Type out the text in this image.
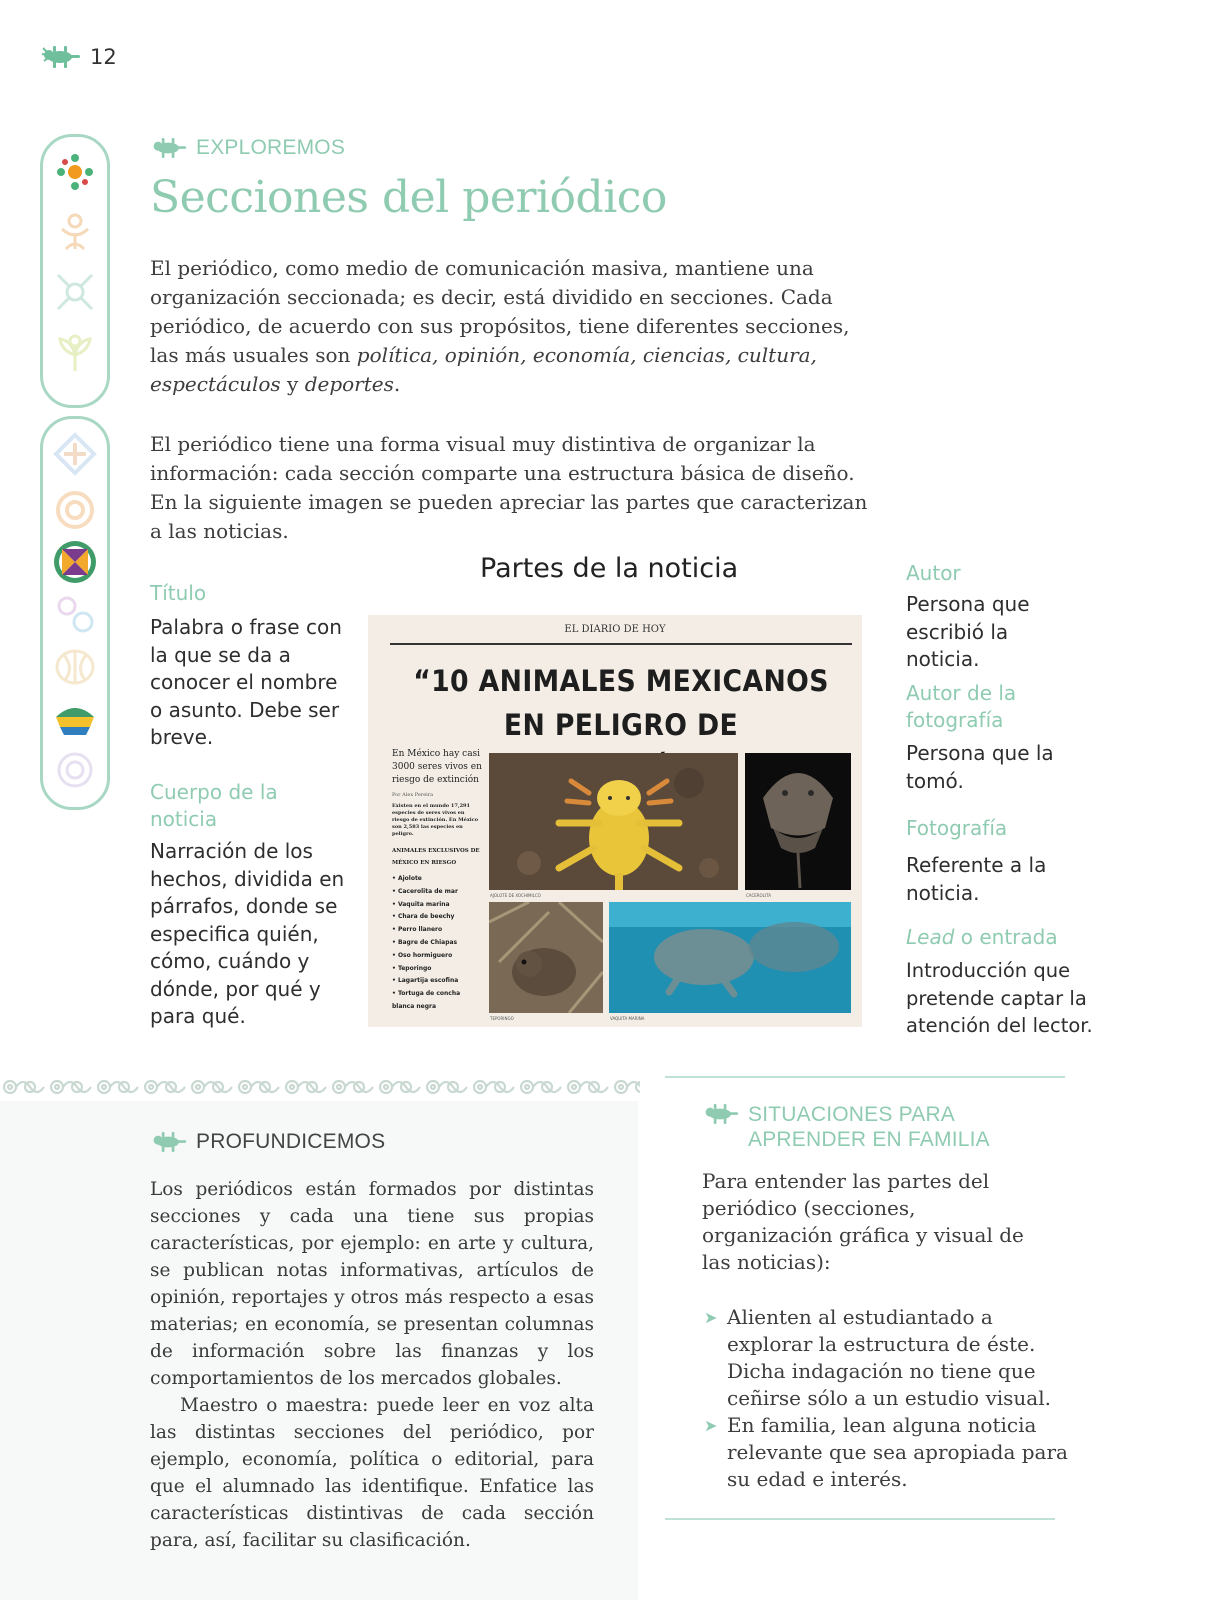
12
EXPLOREMOS
Secciones del periódico

El periódico, como medio de comunicación masiva, mantiene una organización seccionada; es decir, está dividido en secciones. Cada periódico, de acuerdo con sus propósitos, tiene diferentes secciones, las más usuales son política, opinión, economía, ciencias, cultura, espectáculos y deportes.

El periódico tiene una forma visual muy distintiva de organizar la información: cada sección comparte una estructura básica de diseño. En la siguiente imagen se pueden apreciar las partes que caracterizan a las noticias.

Partes de la noticia
Título
Palabra o frase con la que se da a conocer el nombre o asunto. Debe ser breve.
Cuerpo de la noticia
Narración de los hechos, dividida en párrafos, donde se especifica quién, cómo, cuándo y dónde, por qué y para qué.
Autor
Persona que escribió la noticia.
Autor de la fotografía
Persona que la tomó.
Fotografía
Referente a la noticia.
Lead o entrada
Introducción que pretende captar la atención del lector.
EL DIARIO DE HOY
“10 ANIMALES MEXICANOS EN PELIGRO DE
En México hay casi 3000 seres vivos en riesgo de extinción
Por Alex Pereira
Existen en el mundo 17,291 especies de seres vivos en riesgo de extinción. En México son 2,583 las especies en peligro.
ANIMALES EXCLUSIVOS DE MÉXICO EN RIESGO
• Ajolote
• Cacerolita de mar
• Vaquita marina
• Chara de beechy
• Perro llanero
• Bagre de Chiapas
• Oso hormiguero
• Teporingo
• Lagartija escofina
• Tortuga de concha blanca negra
AJOLOTE DE XOCHIMILCO	CACEROLITA
TEPORINGO	VAQUITA MARINA
PROFUNDICEMOS

Los periódicos están formados por distintas secciones y cada una tiene sus propias características, por ejemplo: en arte y cultura, se publican notas informativas, artículos de opinión, reportajes y otros más respecto a esas materias; en economía, se presentan columnas de información sobre las finanzas y los comportamientos de los mercados globales.

Maestro o maestra: puede leer en voz alta las distintas secciones del periódico, por ejemplo, economía, política o editorial, para que el alumnado las identifique. Enfatice las características distintivas de cada sección para, así, facilitar su clasificación.

SITUACIONES PARA APRENDER EN FAMILIA

Para entender las partes del periódico (secciones, organización gráfica y visual de las noticias):

➤ Alienten al estudiantado a explorar la estructura de éste. Dicha indagación no tiene que ceñirse sólo a un estudio visual.
➤ En familia, lean alguna noticia relevante que sea apropiada para su edad e interés.
